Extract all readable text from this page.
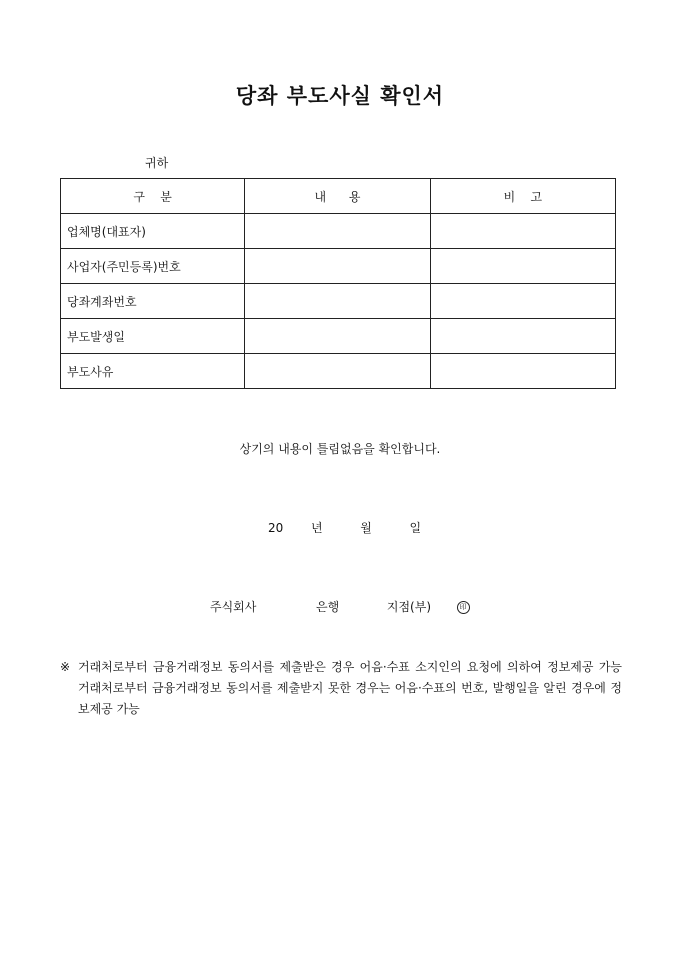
당좌 부도사실 확인서
귀하
구    분	내      용	비    고
업체명(대표자)		
사업자(주민등록)번호		
당좌계좌번호		
부도발생일		
부도사유		
상기의 내용이 틀림없음을 확인합니다.
20 년	월	일
주식회사	은행	지점(부)	印
※ 거래처로부터 금융거래정보 동의서를 제출받은 경우 어음·수표 소지인의 요청에 의하여 정보제공 가능 거래처로부터 금융거래정보 동의서를 제출받지 못한 경우는 어음·수표의 번호, 발행일을 알린 경우에 정보제공 가능
